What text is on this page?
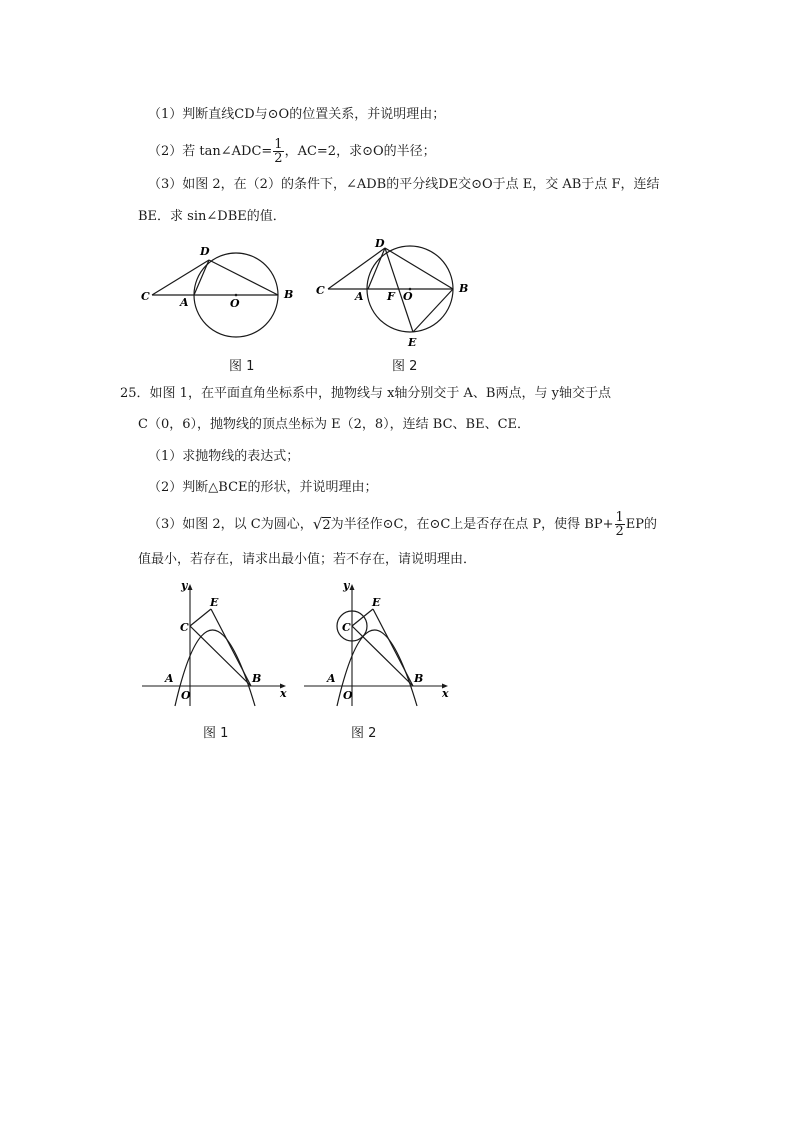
（1）判断直线CD与⊙O的位置关系，并说明理由；
（2）若 tan∠ADC= $\frac{1}{2}$ ，AC=2，求⊙O的半径；
（3）如图 2，在（2）的条件下，∠ADB的平分线DE交⊙O于点 E，交 AB于点 F，连结
BE．求 sin∠DBE的值．
D
C	A	O
B
图 1
D
C	A F O
B
E
图 2
25．如图 1，在平面直角坐标系中，抛物线与 x轴分别交于 A、B两点，与 y轴交于点
C（0，6），抛物线的顶点坐标为 E（2，8），连结 BC、BE、CE．
（1）求抛物线的表达式；
（2）判断△BCE的形状，并说明理由；
（3）如图 2，以 C为圆心，√2为半径作⊙C，在⊙C上是否存在点 P，使得 $BP+ \frac{1}{2}$ EP的
值最小，若存在，请求出最小值；若不存在，请说明理由．
y
E
C
A
O
B
x
图 1
y
E
C
A
O
B
x
图 2
